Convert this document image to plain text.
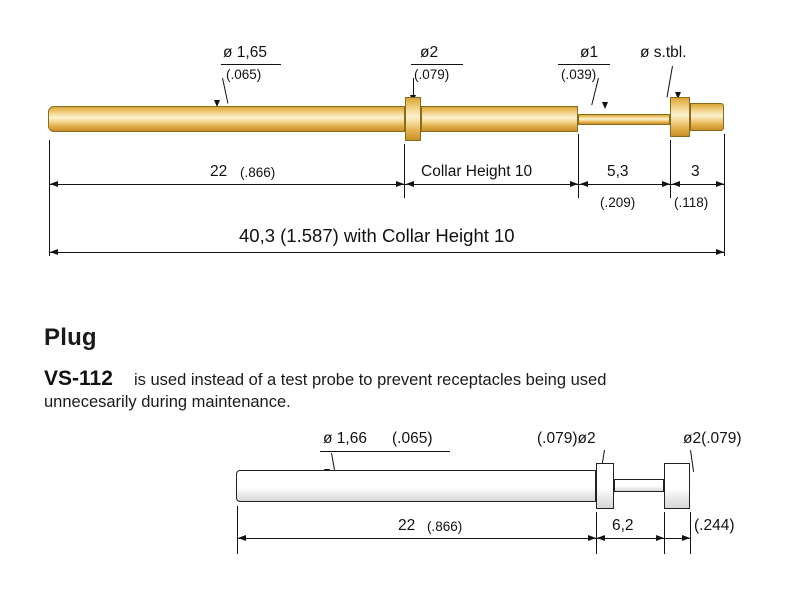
ø 1,65
(.065)
ø2
(.079)
ø1
(.039)
ø s.tbl.
22 (.866)	Collar Height 10	5,3
(.209)
3
(.118)
40,3 (1.587) with Collar Height 10
Plug
VS-112 is used instead of a test probe to prevent receptacles being used
unnecesarily during maintenance.
ø 1,66 (.065)	(.079)ø2	ø2(.079)
22 (.866)	6,2	(.244)
